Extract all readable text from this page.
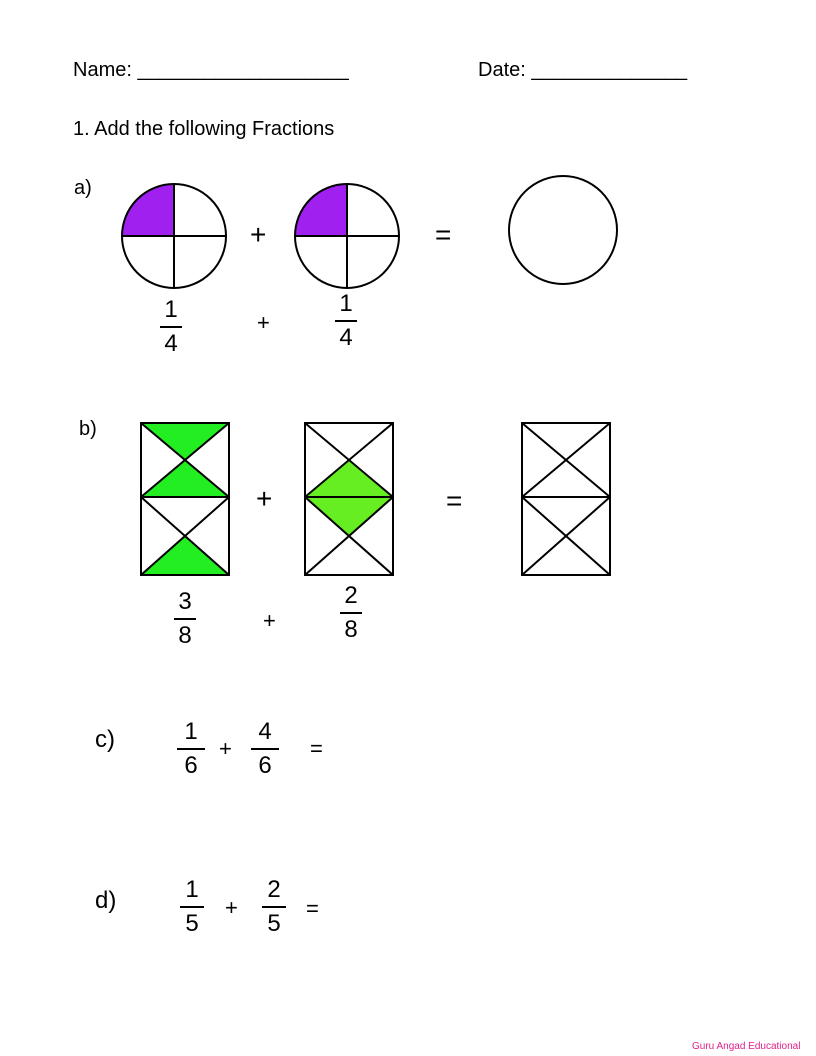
Name: ___________________	Date: ______________
1. Add the following Fractions
a)
+	=
1
4
+
1
4
b)
+	=
3
8
+
2
8
c)	1
6
+
4
6
=
d)	1
5
+
2
5
=
Guru Angad Educational
